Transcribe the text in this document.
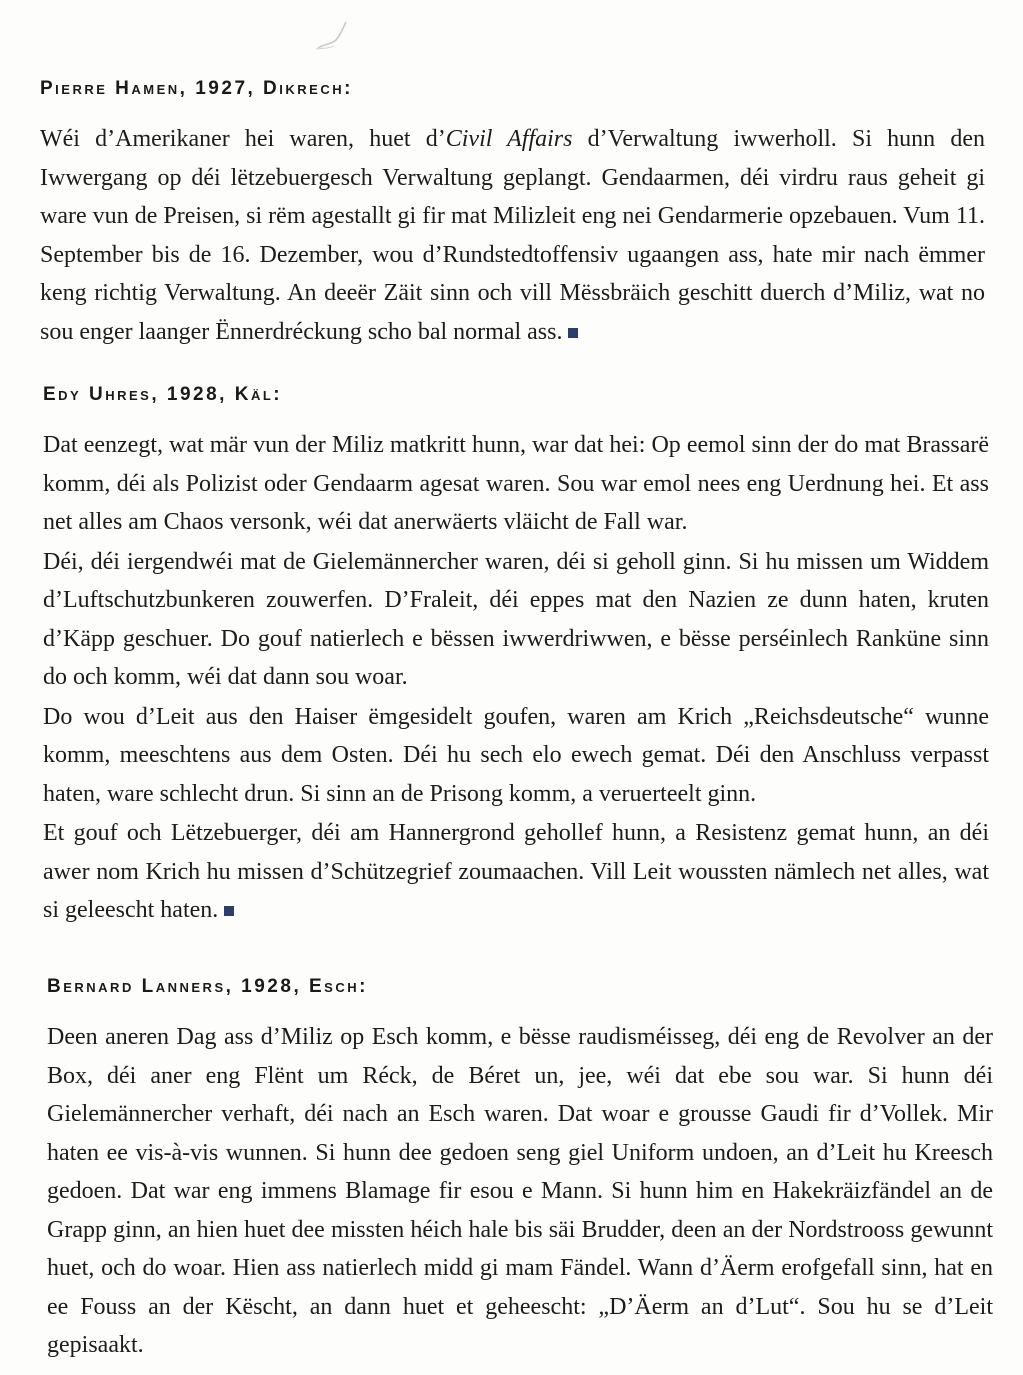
Pierre Hamen, 1927, Dikrech:

Wéi d’Amerikaner hei waren, huet d’Civil Affairs d’Verwaltung iwwerholl. Si hunn den Iwwergang op déi lëtzebuergesch Verwaltung geplangt. Gendaarmen, déi virdru raus geheit gi ware vun de Preisen, si rëm agestallt gi fir mat Milizleit eng nei Gendarmerie opzebauen. Vum 11. September bis de 16. Dezember, wou d’Rundstedtoffensiv ugaangen ass, hate mir nach ëmmer keng richtig Verwaltung. An deeër Zäit sinn och vill Mëssbräich geschitt duerch d’Miliz, wat no sou enger laanger Ënnerdréckung scho bal normal ass.

Edy Uhres, 1928, Käl:

Dat eenzegt, wat mär vun der Miliz matkritt hunn, war dat hei: Op eemol sinn der do mat Brassarë komm, déi als Polizist oder Gendaarm agesat waren. Sou war emol nees eng Uerdnung hei. Et ass net alles am Chaos versonk, wéi dat anerwäerts vläicht de Fall war.

Déi, déi iergendwéi mat de Gielemännercher waren, déi si geholl ginn. Si hu missen um Widdem d’Luftschutzbunkeren zouwerfen. D’Fraleit, déi eppes mat den Nazien ze dunn haten, kruten d’Käpp geschuer. Do gouf natierlech e bëssen iwwerdriwwen, e bësse perséinlech Ranküne sinn do och komm, wéi dat dann sou woar.

Do wou d’Leit aus den Haiser ëmgesidelt goufen, waren am Krich „Reichsdeutsche“ wunne komm, meeschtens aus dem Osten. Déi hu sech elo ewech gemat. Déi den Anschluss verpasst haten, ware schlecht drun. Si sinn an de Prisong komm, a veruerteelt ginn.

Et gouf och Lëtzebuerger, déi am Hannergrond gehollef hunn, a Resistenz gemat hunn, an déi awer nom Krich hu missen d’Schützegrief zoumaachen. Vill Leit woussten nämlech net alles, wat si geleescht haten.

Bernard Lanners, 1928, Esch:

Deen aneren Dag ass d’Miliz op Esch komm, e bësse raudisméisseg, déi eng de Revolver an der Box, déi aner eng Flënt um Réck, de Béret un, jee, wéi dat ebe sou war. Si hunn déi Gielemännercher verhaft, déi nach an Esch waren. Dat woar e grousse Gaudi fir d’Vollek. Mir haten ee vis-à-vis wunnen. Si hunn dee gedoen seng giel Uniform undoen, an d’Leit hu Kreesch gedoen. Dat war eng immens Blamage fir esou e Mann. Si hunn him en Hakekräizfändel an de Grapp ginn, an hien huet dee missten héich hale bis säi Brudder, deen an der Nordstrooss gewunnt huet, och do woar. Hien ass natierlech midd gi mam Fändel. Wann d’Äerm erofgefall sinn, hat en ee Fouss an der Këscht, an dann huet et geheescht: „D’Äerm an d’Lut“. Sou hu se d’Leit gepisaakt.
